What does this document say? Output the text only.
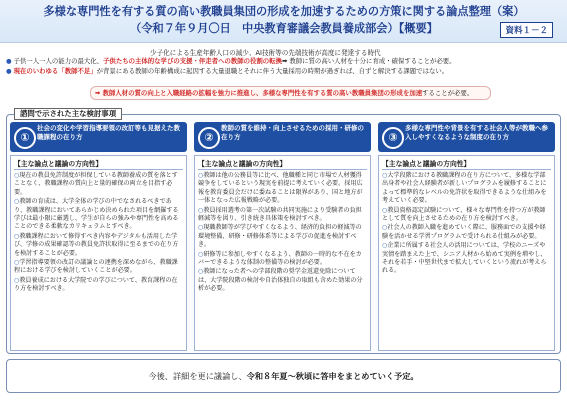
多様な専門性を有する質の高い教職員集団の形成を加速するための方策に関する論点整理（案）
（令和７年９月〇日　中央教育審議会教員養成部会）【概要】	資料１－２
少子化による生産年齢人口の減少、AI技術等の先端技術が高度に発達する時代
● 子供一人一人の能力の最大化、子供たちの主体的な学びの支援・伴走者への教師の役割の転換➡ 教師に質の高い人材を十分に育成・確保することが必要。
● 現在のいわゆる「教師不足」が背景にある教師の年齢構成に起因する大量退職とそれに伴う大量採用の時期が過ぎれば、自ずと解決する課題ではない。
➡ 教師人材の質の向上と入職経路の拡幅を強力に推進し、多様な専門性を有する質の高い教職員集団の形成を加速することが必要。
諮問で示された主な検討事項
①
社会の変化や学習指導要領の改訂等も見据えた教職課程の在り方
【主な論点と議論の方向性】
○現在の教員免許制度が担保している教師養成の質を落とすことなく、教職課程の質向上と量的確保の両立を目指す必要。
○教師の育成は、大学全体の学びの中でなされるべきであり、教職課程においてあらかじめ決められた項目を網羅する学びは最小限に厳選し、学生が自らの強みや専門性を高めることのできる柔軟なカリキュラムとすべき。
○教職課程において修得すべき内容やデジタルも活用した学び、学修の成果確認等の教員免許状取得に至るまでの在り方を検討することが必要。
○学習指導要領の改訂の議論との連携を深めながら、教職課程における学びを検討していくことが必要。
○教員養成における大学院での学びについて、教育課程の在り方を検討すべき。
②
教師の質を維持・向上させるための採用・研修の在り方
【主な論点と議論の方向性】
○教師は他の公務員等に比べ、他職種と同じ市場で人材獲得競争をしているという現実を前提に考えていく必要。採用広報を教育委員会だけに委ねることは限界があり、国と地方が一体となった広報戦略が必要。
○教員採用選考の第一次試験の共同実施により受験者の負担軽減等を図り、引き続き具体策を検討すべき。
○現職教師等が学びやすくなるよう、経済的負担の軽減等の環境整備、研修・研修体系等による学びの促進を検討すべき。
○研修等に参加しやすくなるよう、教師の一時的な不在をカバーできるような体制の整備等の検討が必要。
○教師になった者への学部段階の奨学金返還免除については、大学院段階の検討や自治体独自の取組も含めた効果の分析が必要。
③
多様な専門性や背景を有する社会人等が教職へ参入しやすくなるような制度の在り方
【主な論点と議論の方向性】
○大学段階における教職課程の在り方について、多様な学部出身者や社会人経験者が新しいプログラムを履修することによって標準的なレベルの免許状を取得できるような仕組みを考えていく必要。
○教員資格認定試験について、様々な専門性を持つ方が教師として質を向上させるための在り方を検討すべき。
○社会人の教師入職を進めていく際に、服務面での支援や経験を活かせる学習プログラムで受けられる仕組みが必要。
○企業に所属する社会人の活用については、学校のニーズや実情を踏まえた上で、シニア人材から始めて実例を増やし、それを若手・中堅世代まで拡大していくという流れが考えられる。
今後、詳細を更に議論し、令和８年夏～秋頃に答申をまとめていく予定。
